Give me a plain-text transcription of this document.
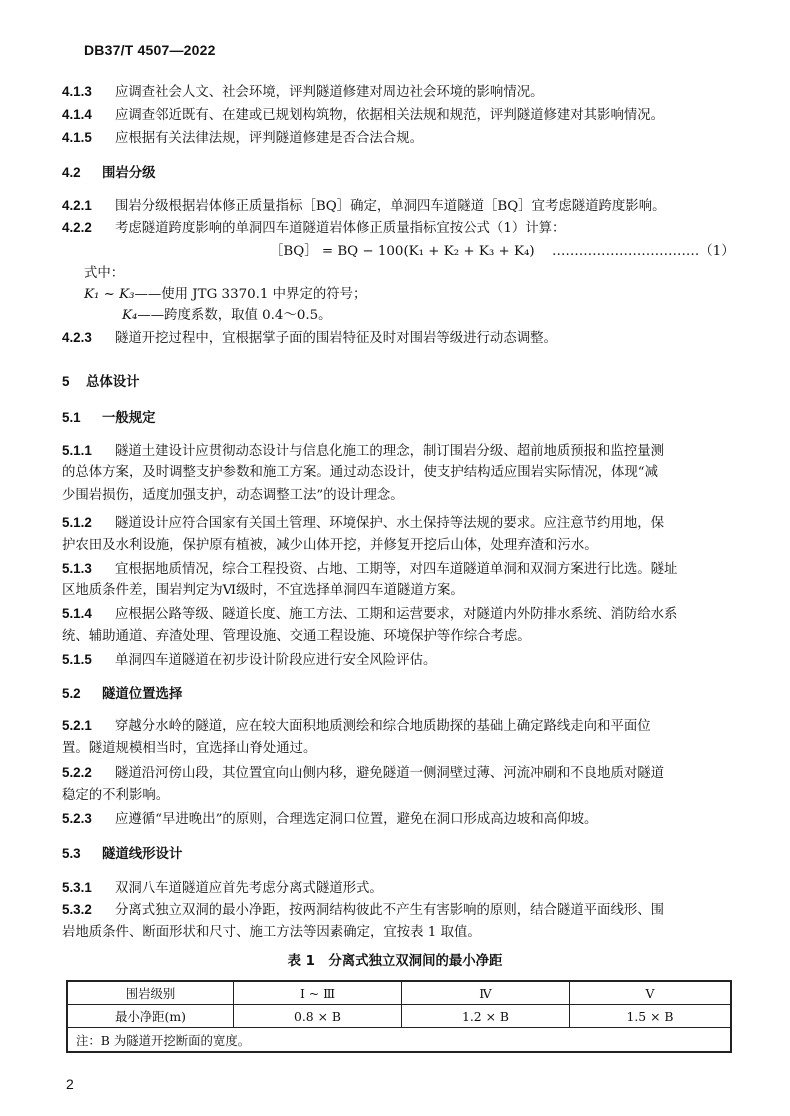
DB37/T 4507—2022
4.1.3 应调查社会人文、社会环境，评判隧道修建对周边社会环境的影响情况。
4.1.4 应调查邻近既有、在建或已规划构筑物，依据相关法规和规范，评判隧道修建对其影响情况。
4.1.5 应根据有关法律法规，评判隧道修建是否合法合规。
4.2 围岩分级
4.2.1 围岩分级根据岩体修正质量指标［BQ］确定，单洞四车道隧道［BQ］宜考虑隧道跨度影响。
4.2.2 考虑隧道跨度影响的单洞四车道隧道岩体修正质量指标宜按公式（1）计算：
［BQ］ = BQ − 100(K₁ + K₂ + K₃ + K₄) ……………………………（1）
式中：
K₁ ~ K₃——使用 JTG 3370.1 中界定的符号；
K₄——跨度系数，取值 0.4～0.5。
4.2.3 隧道开挖过程中，宜根据掌子面的围岩特征及时对围岩等级进行动态调整。
5 总体设计
5.1 一般规定
5.1.1 隧道土建设计应贯彻动态设计与信息化施工的理念，制订围岩分级、超前地质预报和监控量测
的总体方案，及时调整支护参数和施工方案。通过动态设计，使支护结构适应围岩实际情况，体现“减
少围岩损伤，适度加强支护，动态调整工法”的设计理念。
5.1.2 隧道设计应符合国家有关国土管理、环境保护、水土保持等法规的要求。应注意节约用地，保
护农田及水利设施，保护原有植被，减少山体开挖，并修复开挖后山体，处理弃渣和污水。
5.1.3 宜根据地质情况，综合工程投资、占地、工期等，对四车道隧道单洞和双洞方案进行比选。隧址
区地质条件差，围岩判定为Ⅵ级时，不宜选择单洞四车道隧道方案。
5.1.4 应根据公路等级、隧道长度、施工方法、工期和运营要求，对隧道内外防排水系统、消防给水系
统、辅助通道、弃渣处理、管理设施、交通工程设施、环境保护等作综合考虑。
5.1.5 单洞四车道隧道在初步设计阶段应进行安全风险评估。
5.2 隧道位置选择
5.2.1 穿越分水岭的隧道，应在较大面积地质测绘和综合地质勘探的基础上确定路线走向和平面位
置。隧道规模相当时，宜选择山脊处通过。
5.2.2 隧道沿河傍山段，其位置宜向山侧内移，避免隧道一侧洞壁过薄、河流冲刷和不良地质对隧道
稳定的不利影响。
5.2.3 应遵循“早进晚出”的原则，合理选定洞口位置，避免在洞口形成高边坡和高仰坡。
5.3 隧道线形设计
5.3.1 双洞八车道隧道应首先考虑分离式隧道形式。
5.3.2 分离式独立双洞的最小净距，按两洞结构彼此不产生有害影响的原则，结合隧道平面线形、围
岩地质条件、断面形状和尺寸、施工方法等因素确定，宜按表 1 取值。
表 1　分离式独立双洞间的最小净距
围岩级别	Ⅰ ~ Ⅲ	Ⅳ	Ⅴ
最小净距(m)	0.8 × B	1.2 × B	1.5 × B
注：B 为隧道开挖断面的宽度。			
2
